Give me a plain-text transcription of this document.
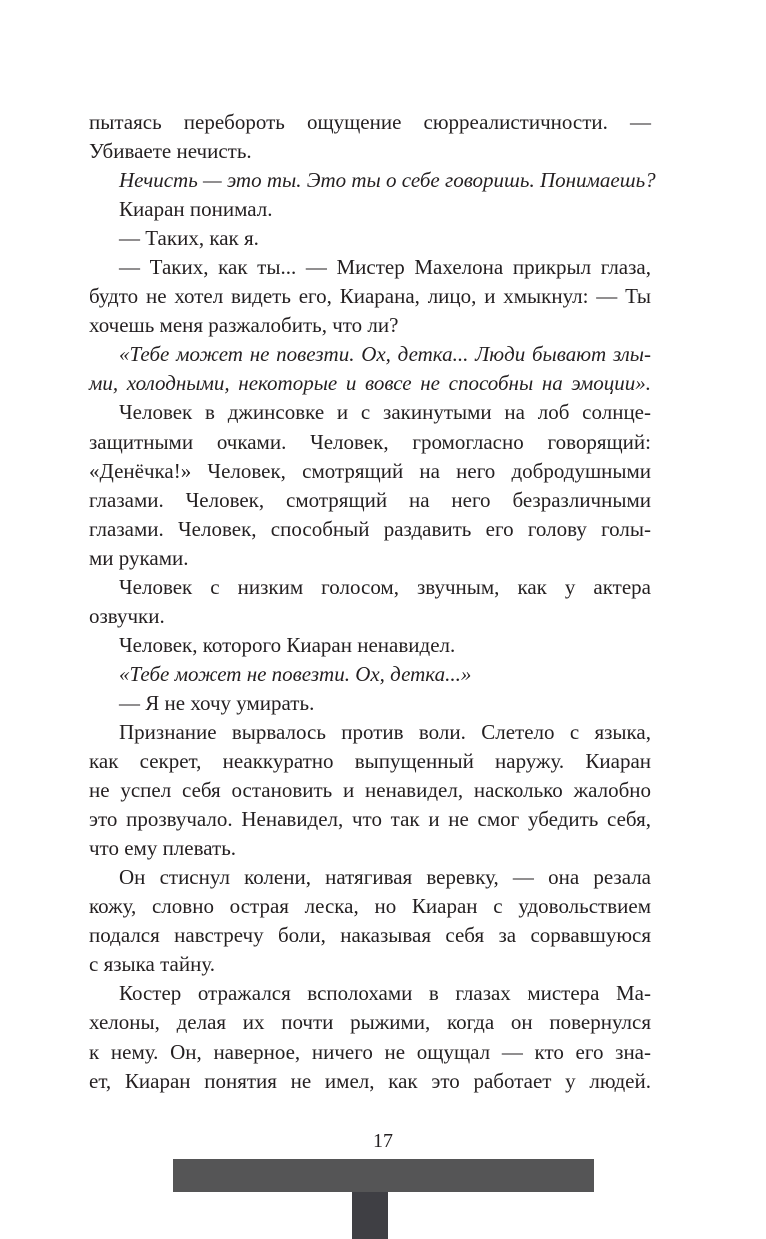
пытаясь перебороть ощущение сюрреалистичности. —
Убиваете нечисть.
Нечисть — это ты. Это ты о себе говоришь. Понимаешь?
Киаран понимал.
— Таких, как я.
— Таких, как ты... — Мистер Махелона прикрыл глаза,
будто не хотел видеть его, Киарана, лицо, и хмыкнул: — Ты
хочешь меня разжалобить, что ли?
«Тебе может не повезти. Ох, детка... Люди бывают злы-
ми, холодными, некоторые и вовсе не способны на эмоции».
Человек в джинсовке и с закинутыми на лоб солнце-
защитными очками. Человек, громогласно говорящий:
«Денёчка!» Человек, смотрящий на него добродушными
глазами. Человек, смотрящий на него безразличными
глазами. Человек, способный раздавить его голову голы-
ми руками.
Человек с низким голосом, звучным, как у актера
озвучки.
Человек, которого Киаран ненавидел.
«Тебе может не повезти. Ох, детка...»
— Я не хочу умирать.
Признание вырвалось против воли. Слетело с языка,
как секрет, неаккуратно выпущенный наружу. Киаран
не успел себя остановить и ненавидел, насколько жалобно
это прозвучало. Ненавидел, что так и не смог убедить себя,
что ему плевать.
Он стиснул колени, натягивая веревку, — она резала
кожу, словно острая леска, но Киаран с удовольствием
подался навстречу боли, наказывая себя за сорвавшуюся
с языка тайну.
Костер отражался всполохами в глазах мистера Ма-
хелоны, делая их почти рыжими, когда он повернулся
к нему. Он, наверное, ничего не ощущал — кто его зна-
ет, Киаран понятия не имел, как это работает у людей.
17
